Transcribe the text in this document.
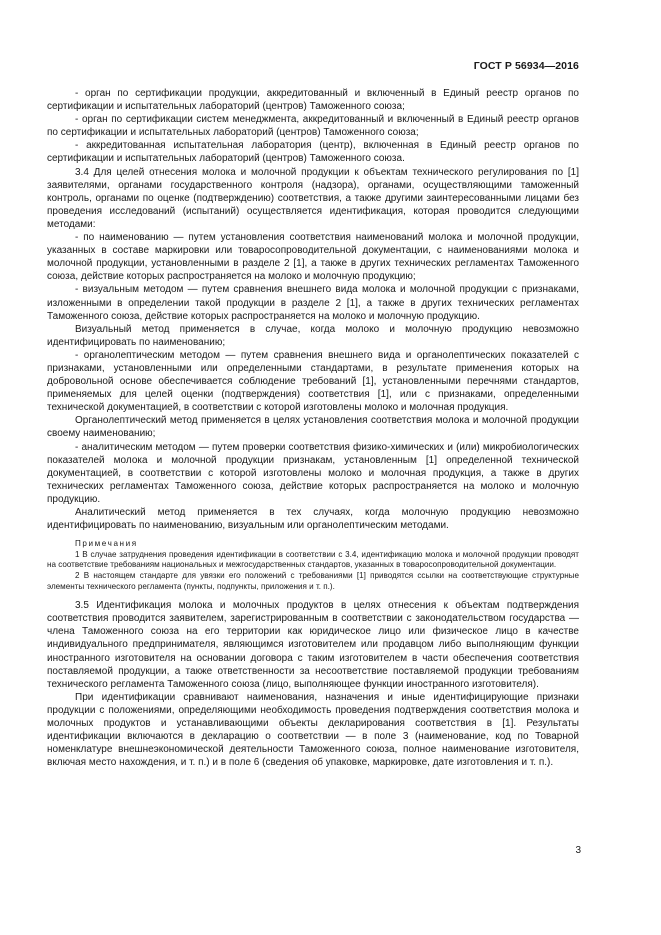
ГОСТ Р 56934—2016

- орган по сертификации продукции, аккредитованный и включенный в Единый реестр органов по сертификации и испытательных лабораторий (центров) Таможенного союза;

- орган по сертификации систем менеджмента, аккредитованный и включенный в Единый реестр органов по сертификации и испытательных лабораторий (центров) Таможенного союза;

- аккредитованная испытательная лаборатория (центр), включенная в Единый реестр органов по сертификации и испытательных лабораторий (центров) Таможенного союза.

3.4 Для целей отнесения молока и молочной продукции к объектам технического регулирования по [1] заявителями, органами государственного контроля (надзора), органами, осуществляющими таможенный контроль, органами по оценке (подтверждению) соответствия, а также другими заинтересованными лицами без проведения исследований (испытаний) осуществляется идентификация, которая проводится следующими методами:

- по наименованию — путем установления соответствия наименований молока и молочной продукции, указанных в составе маркировки или товаросопроводительной документации, с наименованиями молока и молочной продукции, установленными в разделе 2 [1], а также в других технических регламентах Таможенного союза, действие которых распространяется на молоко и молочную продукцию;

- визуальным методом — путем сравнения внешнего вида молока и молочной продукции с признаками, изложенными в определении такой продукции в разделе 2 [1], а также в других технических регламентах Таможенного союза, действие которых распространяется на молоко и молочную продукцию.

Визуальный метод применяется в случае, когда молоко и молочную продукцию невозможно идентифицировать по наименованию;

- органолептическим методом — путем сравнения внешнего вида и органолептических показателей с признаками, установленными или определенными стандартами, в результате применения которых на добровольной основе обеспечивается соблюдение требований [1], установленными перечнями стандартов, применяемых для целей оценки (подтверждения) соответствия [1], или с признаками, определенными технической документацией, в соответствии с которой изготовлены молоко и молочная продукция.

Органолептический метод применяется в целях установления соответствия молока и молочной продукции своему наименованию;

- аналитическим методом — путем проверки соответствия физико-химических и (или) микробиологических показателей молока и молочной продукции признакам, установленным [1] определенной технической документацией, в соответствии с которой изготовлены молоко и молочная продукция, а также в других технических регламентах Таможенного союза, действие которых распространяется на молоко и молочную продукцию.

Аналитический метод применяется в тех случаях, когда молочную продукцию невозможно идентифицировать по наименованию, визуальным или органолептическим методами.

Примечания

1 В случае затруднения проведения идентификации в соответствии с 3.4, идентификацию молока и молочной продукции проводят на соответствие требованиям национальных и межгосударственных стандартов, указанных в товаросопроводительной документации.

2 В настоящем стандарте для увязки его положений с требованиями [1] приводятся ссылки на соответствующие структурные элементы технического регламента (пункты, подпункты, приложения и т. п.).

3.5 Идентификация молока и молочных продуктов в целях отнесения к объектам подтверждения соответствия проводится заявителем, зарегистрированным в соответствии с законодательством государства — члена Таможенного союза на его территории как юридическое лицо или физическое лицо в качестве индивидуального предпринимателя, являющимся изготовителем или продавцом либо выполняющим функции иностранного изготовителя на основании договора с таким изготовителем в части обеспечения соответствия поставляемой продукции, а также ответственности за несоответствие поставляемой продукции требованиям технического регламента Таможенного союза (лицо, выполняющее функции иностранного изготовителя).

При идентификации сравнивают наименования, назначения и иные идентифицирующие признаки продукции с положениями, определяющими необходимость проведения подтверждения соответствия молока и молочных продуктов и устанавливающими объекты декларирования соответствия в [1]. Результаты идентификации включаются в декларацию о соответствии — в поле 3 (наименование, код по Товарной номенклатуре внешнеэкономической деятельности Таможенного союза, полное наименование изготовителя, включая место нахождения, и т. п.) и в поле 6 (сведения об упаковке, маркировке, дате изготовления и т. п.).

3
